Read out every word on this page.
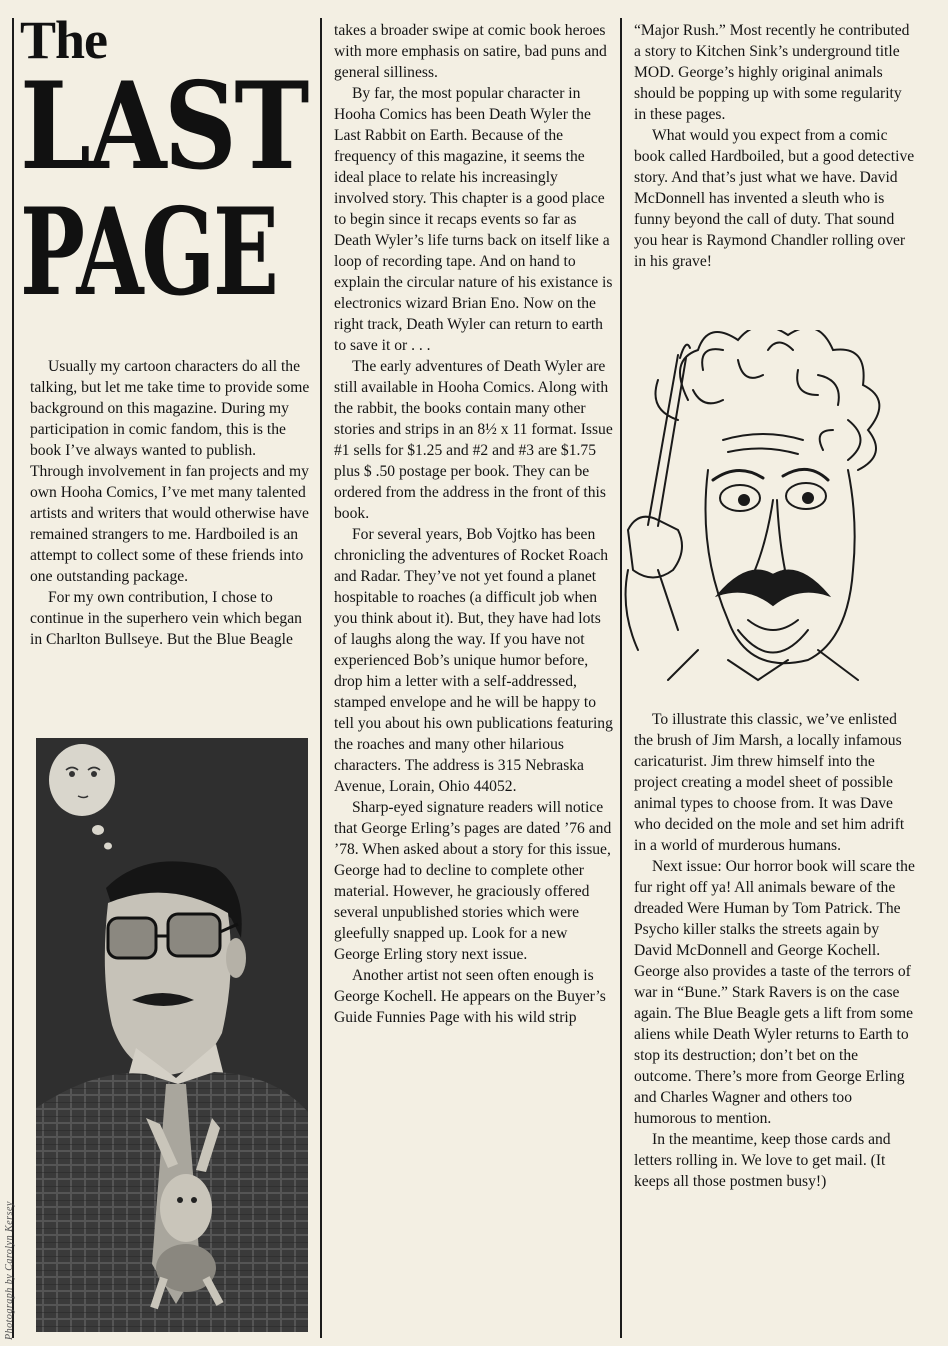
The
LAST
PAGE

Usually my cartoon characters do all the talking, but let me take time to provide some background on this magazine. During my participation in comic fandom, this is the book I’ve always wanted to publish. Through involvement in fan projects and my own Hooha Comics, I’ve met many talented artists and writers that would otherwise have remained strangers to me. Hardboiled is an attempt to collect some of these friends into one outstanding package.

For my own contribution, I chose to continue in the superhero vein which began in Charlton Bullseye. But the Blue Beagle

Photograph by Carolyn Kersey

takes a broader swipe at comic book heroes with more emphasis on satire, bad puns and general silliness.

By far, the most popular character in Hooha Comics has been Death Wyler the Last Rabbit on Earth. Because of the frequency of this magazine, it seems the ideal place to relate his increasingly involved story. This chapter is a good place to begin since it recaps events so far as Death Wyler’s life turns back on itself like a loop of recording tape. And on hand to explain the circular nature of his existance is electronics wizard Brian Eno. Now on the right track, Death Wyler can return to earth to save it or . . .

The early adventures of Death Wyler are still available in Hooha Comics. Along with the rabbit, the books contain many other stories and strips in an 8½ x 11 format. Issue #1 sells for $1.25 and #2 and #3 are $1.75 plus $ .50 postage per book. They can be ordered from the address in the front of this book.

For several years, Bob Vojtko has been chronicling the adventures of Rocket Roach and Radar. They’ve not yet found a planet hospitable to roaches (a difficult job when you think about it). But, they have had lots of laughs along the way. If you have not experienced Bob’s unique humor before, drop him a letter with a self-addressed, stamped envelope and he will be happy to tell you about his own publications featuring the roaches and many other hilarious characters. The address is 315 Nebraska Avenue, Lorain, Ohio 44052.

Sharp-eyed signature readers will notice that George Erling’s pages are dated ’76 and ’78. When asked about a story for this issue, George had to decline to complete other material. However, he graciously offered several unpublished stories which were gleefully snapped up. Look for a new George Erling story next issue.

Another artist not seen often enough is George Kochell. He appears on the Buyer’s Guide Funnies Page with his wild strip

“Major Rush.” Most recently he contributed a story to Kitchen Sink’s underground title MOD. George’s highly original animals should be popping up with some regularity in these pages.

What would you expect from a comic book called Hardboiled, but a good detective story. And that’s just what we have. David McDonnell has invented a sleuth who is funny beyond the call of duty. That sound you hear is Raymond Chandler rolling over in his grave!

To illustrate this classic, we’ve enlisted the brush of Jim Marsh, a locally infamous caricaturist. Jim threw himself into the project creating a model sheet of possible animal types to choose from. It was Dave who decided on the mole and set him adrift in a world of murderous humans.

Next issue: Our horror book will scare the fur right off ya! All animals beware of the dreaded Were Human by Tom Patrick. The Psycho killer stalks the streets again by David McDonnell and George Kochell. George also provides a taste of the terrors of war in “Bune.” Stark Ravers is on the case again. The Blue Beagle gets a lift from some aliens while Death Wyler returns to Earth to stop its destruction; don’t bet on the outcome. There’s more from George Erling and Charles Wagner and others too humorous to mention.

In the meantime, keep those cards and letters rolling in. We love to get mail. (It keeps all those postmen busy!)
